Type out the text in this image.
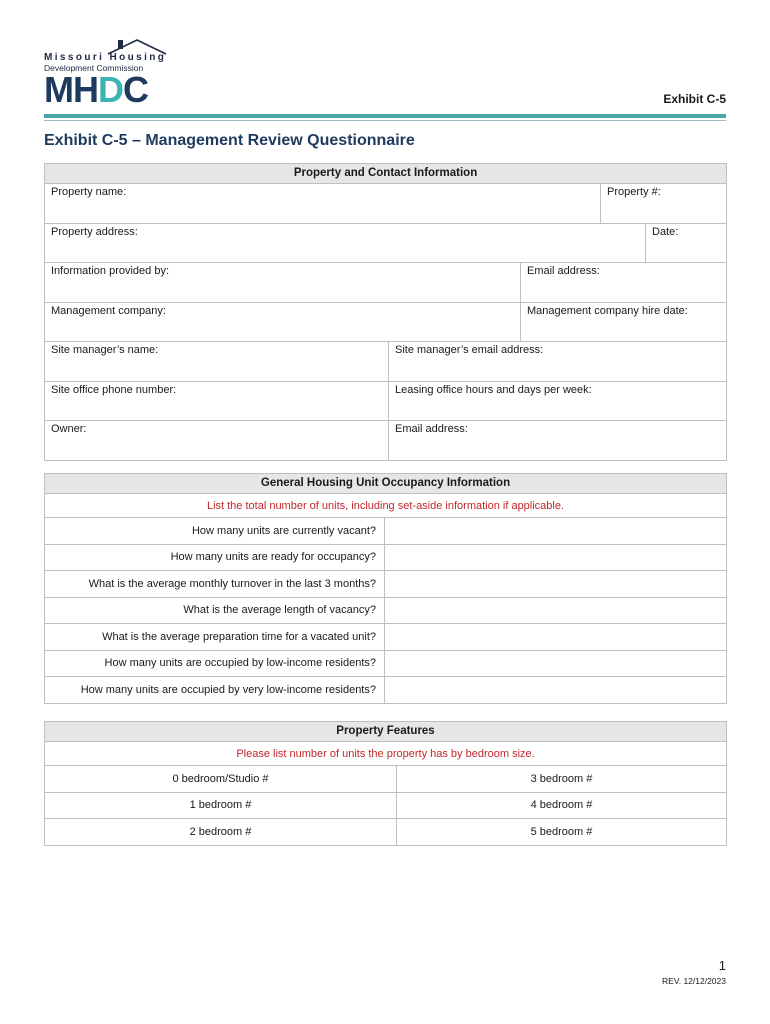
Missouri Housing
Development Commission
MHDC	Exhibit C-5
Exhibit C-5 – Management Review Questionnaire
Property and Contact Information				
Property name:			Property #:	
Property address:				Date:
Information provided by:		Email address:		
Management company:		Management company hire date:		
Site manager’s name:	Site manager’s email address:			
Site office phone number:	Leasing office hours and days per week:			
Owner:	Email address:			
General Housing Unit Occupancy Information	
List the total number of units, including set-aside information if applicable.	
How many units are currently vacant?	
How many units are ready for occupancy?	
What is the average monthly turnover in the last 3 months?	
What is the average length of vacancy?	
What is the average preparation time for a vacated unit?	
How many units are occupied by low-income residents?	
How many units are occupied by very low-income residents?	
Property Features	
Please list number of units the property has by bedroom size.	
0 bedroom/Studio #	3 bedroom #
1 bedroom #	4 bedroom #
2 bedroom #	5 bedroom #
1
REV. 12/12/2023
